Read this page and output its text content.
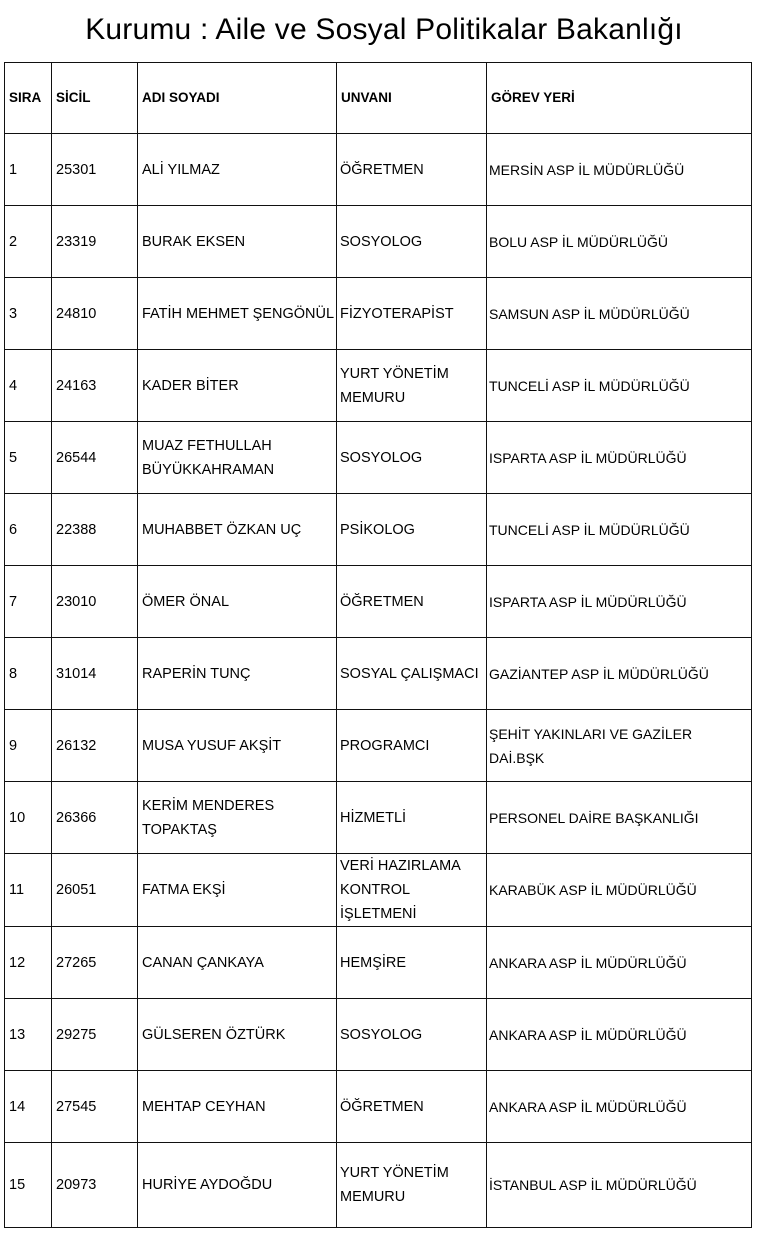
Kurumu : Aile ve Sosyal Politikalar Bakanlığı
SIRA	SİCİL	ADI SOYADI	UNVANI	GÖREV YERİ
1	25301	ALİ YILMAZ	ÖĞRETMEN	MERSİN ASP İL MÜDÜRLÜĞÜ
2	23319	BURAK EKSEN	SOSYOLOG	BOLU ASP İL MÜDÜRLÜĞÜ
3	24810	FATİH MEHMET ŞENGÖNÜL	FİZYOTERAPİST	SAMSUN ASP İL MÜDÜRLÜĞÜ
4	24163	KADER BİTER	YURT YÖNETİM MEMURU	TUNCELİ ASP İL MÜDÜRLÜĞÜ
5	26544	MUAZ FETHULLAH BÜYÜKKAHRAMAN	SOSYOLOG	ISPARTA ASP İL MÜDÜRLÜĞÜ
6	22388	MUHABBET ÖZKAN UÇ	PSİKOLOG	TUNCELİ ASP İL MÜDÜRLÜĞÜ
7	23010	ÖMER ÖNAL	ÖĞRETMEN	ISPARTA ASP İL MÜDÜRLÜĞÜ
8	31014	RAPERİN TUNÇ	SOSYAL ÇALIŞMACI	GAZİANTEP ASP İL MÜDÜRLÜĞÜ
9	26132	MUSA YUSUF AKŞİT	PROGRAMCI	ŞEHİT YAKINLARI VE GAZİLER DAİ.BŞK
10	26366	KERİM MENDERES TOPAKTAŞ	HİZMETLİ	PERSONEL DAİRE BAŞKANLIĞI
11	26051	FATMA EKŞİ	VERİ HAZIRLAMA KONTROL İŞLETMENİ	KARABÜK ASP İL MÜDÜRLÜĞÜ
12	27265	CANAN ÇANKAYA	HEMŞİRE	ANKARA ASP İL MÜDÜRLÜĞÜ
13	29275	GÜLSEREN ÖZTÜRK	SOSYOLOG	ANKARA ASP İL MÜDÜRLÜĞÜ
14	27545	MEHTAP CEYHAN	ÖĞRETMEN	ANKARA ASP İL MÜDÜRLÜĞÜ
15	20973	HURİYE AYDOĞDU	YURT YÖNETİM MEMURU	İSTANBUL ASP İL MÜDÜRLÜĞÜ
